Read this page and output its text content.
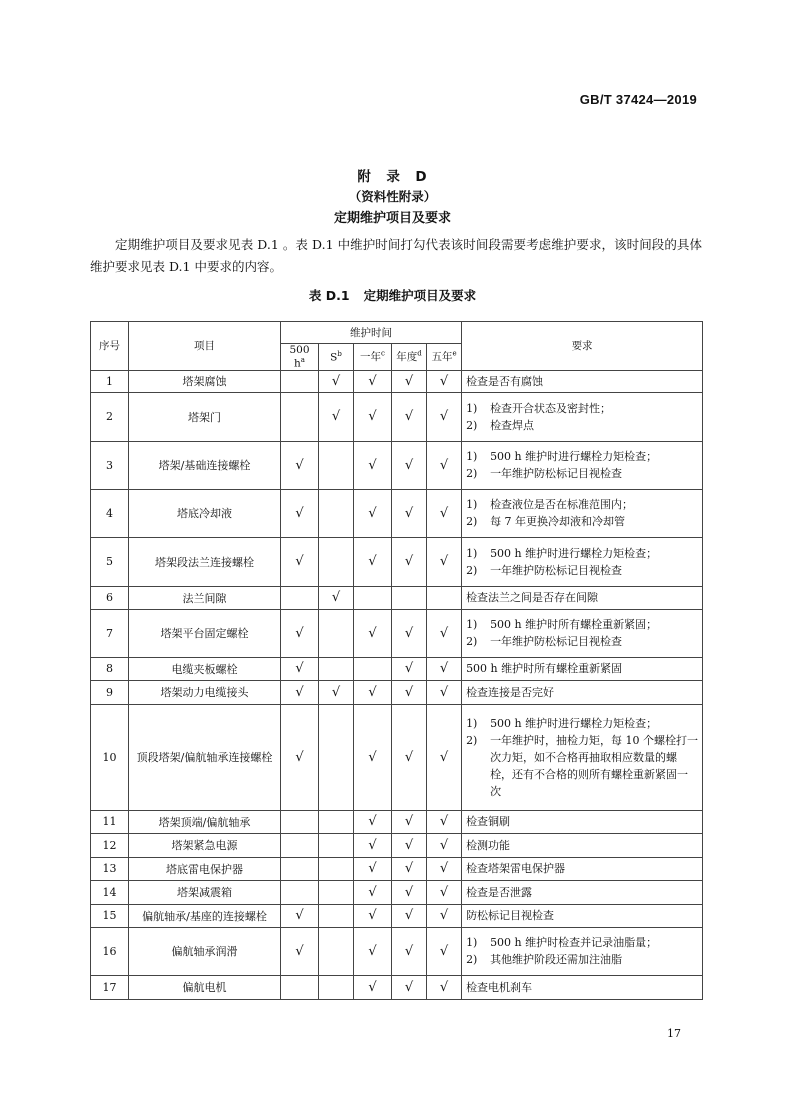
GB/T 37424—2019
附　录　D
（资料性附录）
定期维护项目及要求

定期维护项目及要求见表 D.1 。表 D.1 中维护时间打勾代表该时间段需要考虑维护要求，该时间段的具体维护要求见表 D.1 中要求的内容。

表 D.1 定期维护项目及要求
序号	项目	维护时间					要求
		500 $h^a$	$S^b$	一年$^c$	年度$^d$	五年$^e$
1	塔架腐蚀		√	√	√	√	检查是否有腐蚀
2	塔架门		√	√	√	√	1) 检查开合状态及密封性；
2) 检查焊点

3	塔架/基础连接螺栓	√		√	√	√	1) 500 h 维护时进行螺栓力矩检查；
2) 一年维护防松标记目视检查

4	塔底冷却液	√		√	√	√	1) 检查液位是否在标准范围内；
2) 每 7 年更换冷却液和冷却管

5	塔架段法兰连接螺栓	√		√	√	√	1) 500 h 维护时进行螺栓力矩检查；
2) 一年维护防松标记目视检查

6	法兰间隙		√				检查法兰之间是否存在间隙
7	塔架平台固定螺栓	√		√	√	√	1) 500 h 维护时所有螺栓重新紧固；
2) 一年维护防松标记目视检查

8	电缆夹板螺栓	√			√	√	500 h 维护时所有螺栓重新紧固
9	塔架动力电缆接头	√	√	√	√	√	检查连接是否完好
10	顶段塔架/偏航轴承连接螺栓	√		√	√	√	1) 500 h 维护时进行螺栓力矩检查；
2) 一年维护时，抽检力矩，每 10 个螺栓打一次力矩，如不合格再抽取相应数量的螺栓，还有不合格的则所有螺栓重新紧固一次

11	塔架顶端/偏航轴承			√	√	√	检查铜刷
12	塔架紧急电源			√	√	√	检测功能
13	塔底雷电保护器			√	√	√	检查塔架雷电保护器
14	塔架减震箱			√	√	√	检查是否泄露
15	偏航轴承/基座的连接螺栓	√		√	√	√	防松标记目视检查
16	偏航轴承润滑	√		√	√	√	1) 500 h 维护时检查并记录油脂量；
2) 其他维护阶段还需加注油脂

17	偏航电机			√	√	√	检查电机刹车
17
